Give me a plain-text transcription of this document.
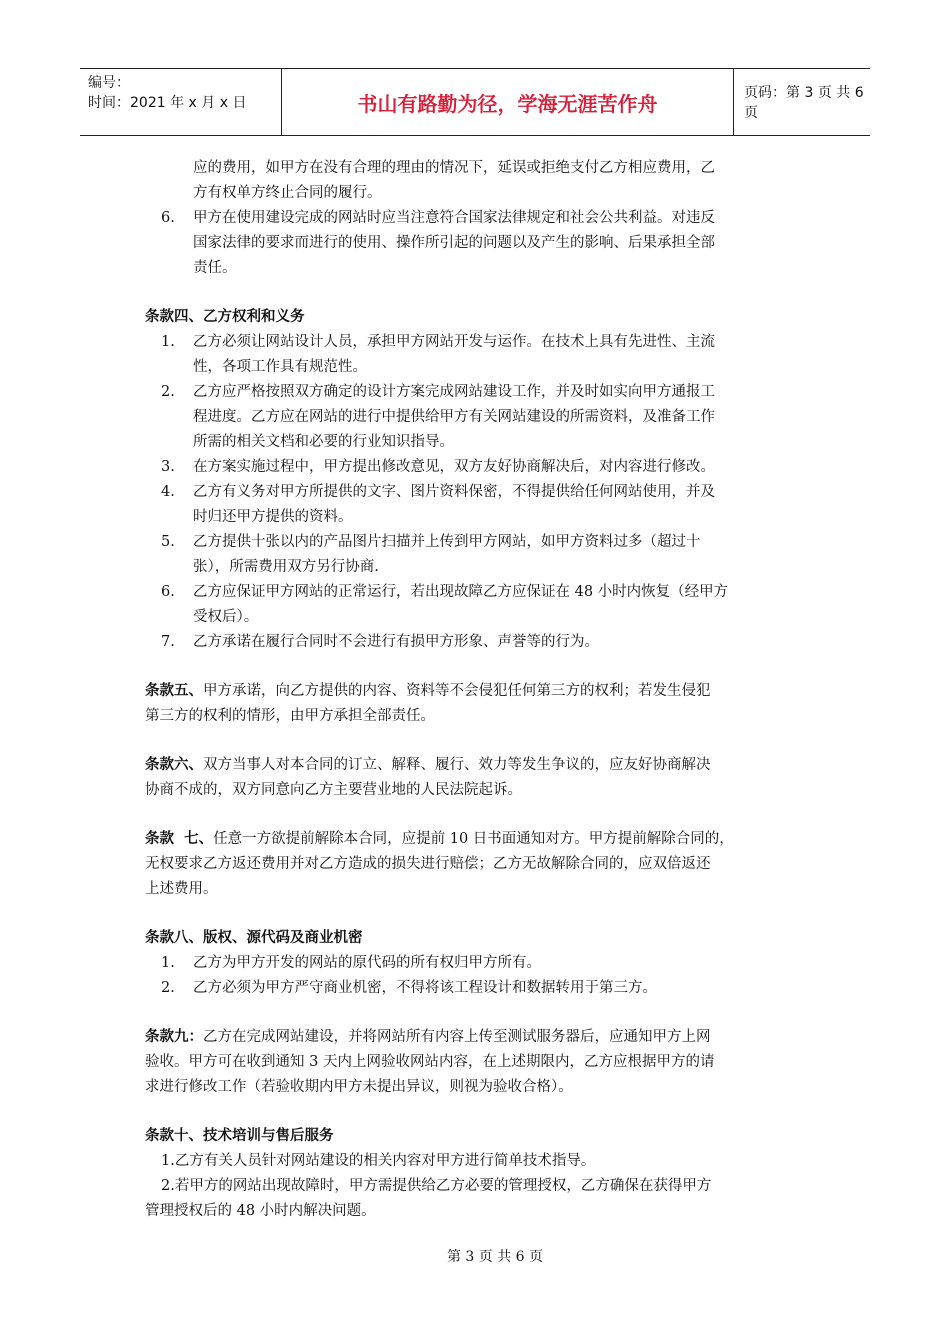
编号：
时间：2021 年 x 月 x 日	书山有路勤为径，学海无涯苦作舟	页码：第 3 页 共 6 页
应的费用，如甲方在没有合理的理由的情况下，延误或拒绝支付乙方相应费用，乙
方有权单方终止合同的履行。
6. 甲方在使用建设完成的网站时应当注意符合国家法律规定和社会公共利益。对违反
国家法律的要求而进行的使用、操作所引起的问题以及产生的影响、后果承担全部
责任。
条款四、乙方权利和义务
1. 乙方必须让网站设计人员，承担甲方网站开发与运作。在技术上具有先进性、主流
性，各项工作具有规范性。
2. 乙方应严格按照双方确定的设计方案完成网站建设工作，并及时如实向甲方通报工
程进度。乙方应在网站的进行中提供给甲方有关网站建设的所需资料，及准备工作
所需的相关文档和必要的行业知识指导。
3. 在方案实施过程中，甲方提出修改意见，双方友好协商解决后，对内容进行修改。
4. 乙方有义务对甲方所提供的文字、图片资料保密，不得提供给任何网站使用，并及
时归还甲方提供的资料。
5. 乙方提供十张以内的产品图片扫描并上传到甲方网站，如甲方资料过多（超过十
张），所需费用双方另行协商.
6. 乙方应保证甲方网站的正常运行，若出现故障乙方应保证在 48 小时内恢复（经甲方
受权后）。
7. 乙方承诺在履行合同时不会进行有损甲方形象、声誉等的行为。
条款五、甲方承诺，向乙方提供的内容、资料等不会侵犯任何第三方的权利；若发生侵犯
第三方的权利的情形，由甲方承担全部责任。
条款六、双方当事人对本合同的订立、解释、履行、效力等发生争议的，应友好协商解决
协商不成的，双方同意向乙方主要营业地的人民法院起诉。
条款  七、任意一方欲提前解除本合同，应提前 10 日书面通知对方。甲方提前解除合同的，
无权要求乙方返还费用并对乙方造成的损失进行赔偿；乙方无故解除合同的，应双倍返还
上述费用。
条款八、版权、源代码及商业机密
1. 乙方为甲方开发的网站的原代码的所有权归甲方所有。
2. 乙方必须为甲方严守商业机密，不得将该工程设计和数据转用于第三方。
条款九：乙方在完成网站建设，并将网站所有内容上传至测试服务器后，应通知甲方上网
验收。甲方可在收到通知 3 天内上网验收网站内容，在上述期限内，乙方应根据甲方的请
求进行修改工作（若验收期内甲方未提出异议，则视为验收合格）。
条款十、技术培训与售后服务
1.乙方有关人员针对网站建设的相关内容对甲方进行简单技术指导。
2.若甲方的网站出现故障时，甲方需提供给乙方必要的管理授权，乙方确保在获得甲方
管理授权后的 48 小时内解决问题。
第 3 页 共 6 页
